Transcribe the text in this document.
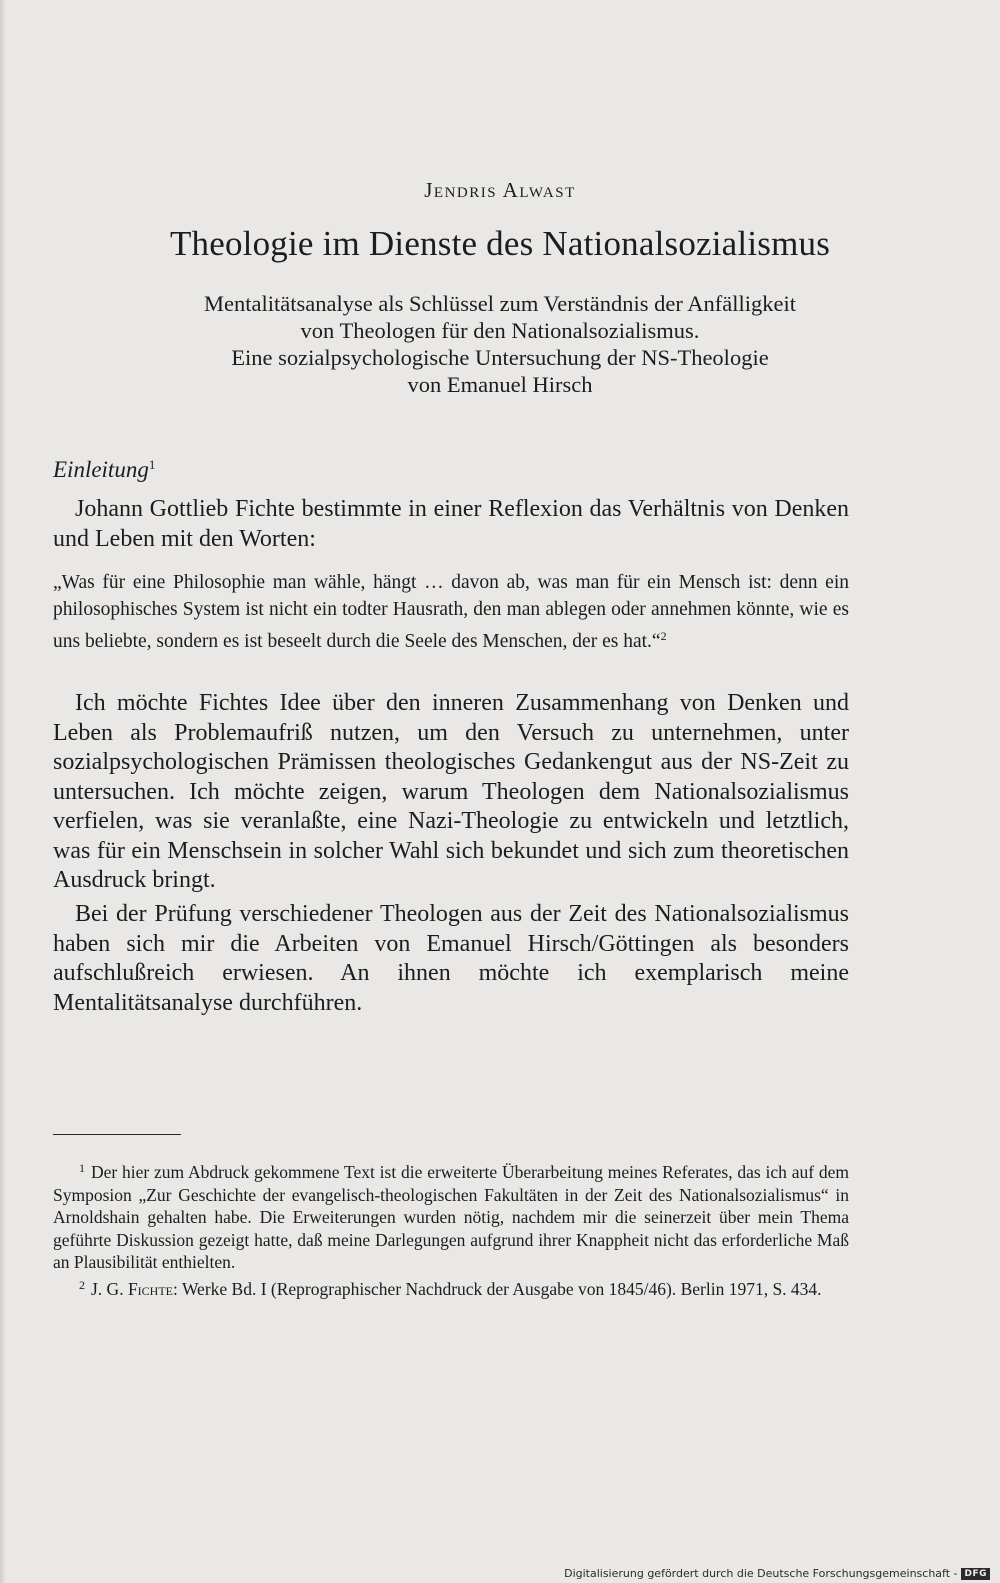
Jendris Alwast
Theologie im Dienste des Nationalsozialismus
Mentalitätsanalyse als Schlüssel zum Verständnis der Anfälligkeit
von Theologen für den Nationalsozialismus.
Eine sozialpsychologische Untersuchung der NS-Theologie
von Emanuel Hirsch
Einleitung$^1$
Johann Gottlieb Fichte bestimmte in einer Reflexion das Verhältnis von Denken und Leben mit den Worten:
„Was für eine Philosophie man wähle, hängt … davon ab, was man für ein Mensch ist: denn ein philosophisches System ist nicht ein todter Hausrath, den man ablegen oder annehmen könnte, wie es uns beliebte, sondern es ist beseelt durch die Seele des Menschen, der es hat.“$^2$
Ich möchte Fichtes Idee über den inneren Zusammenhang von Denken und Leben als Problemaufriß nutzen, um den Versuch zu unternehmen, unter sozialpsychologischen Prämissen theologisches Gedankengut aus der NS-Zeit zu untersuchen. Ich möchte zeigen, warum Theologen dem Nationalsozialismus verfielen, was sie veranlaßte, eine Nazi-Theologie zu entwickeln und letztlich, was für ein Menschsein in solcher Wahl sich bekundet und sich zum theoretischen Ausdruck bringt.
Bei der Prüfung verschiedener Theologen aus der Zeit des Nationalsozialismus haben sich mir die Arbeiten von Emanuel Hirsch/Göttingen als besonders aufschlußreich erwiesen. An ihnen möchte ich exemplarisch meine Mentalitätsanalyse durchführen.

$^1$ Der hier zum Abdruck gekommene Text ist die erweiterte Überarbeitung meines Referates, das ich auf dem Symposion „Zur Geschichte der evangelisch-theologischen Fakultäten in der Zeit des Nationalsozialismus“ in Arnoldshain gehalten habe. Die Erweiterungen wurden nötig, nachdem mir die seinerzeit über mein Thema geführte Diskussion gezeigt hatte, daß meine Darlegungen aufgrund ihrer Knappheit nicht das erforderliche Maß an Plausibilität enthielten.

$^2$ J. G. Fichte: Werke Bd. I (Reprographischer Nachdruck der Ausgabe von 1845/46). Berlin 1971, S. 434.

Digitalisierung gefördert durch die Deutsche Forschungsgemeinschaft - DFG
